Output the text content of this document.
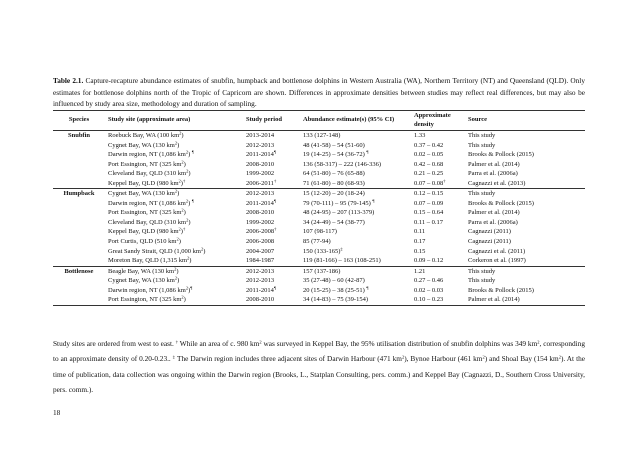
Table 2.1. Capture-recapture abundance estimates of snubfin, humpback and bottlenose dolphins in Western Australia (WA), Northern Territory (NT) and Queensland (QLD). Only estimates for bottlenose dolphins north of the Tropic of Capricorn are shown. Differences in approximate densities between studies may reflect real differences, but may also be influenced by study area size, methodology and duration of sampling.
Species	Study site (approximate area)	Study period	Abundance estimate(s) (95% CI)	Approximate density	Source
Snubfin	Roebuck Bay, WA (100 $km^2$)	2013-2014	133 (127-148)	1.33	This study
	Cygnet Bay, WA (130 $km^2$)	2012-2013	48 (41-58) – 54 (51-60)	0.37 – 0.42	This study
	Darwin region, NT (1,086 $km^2$) ¶	2011-2014¶	19 (14-25) – 54 (36-72) ¶	0.02 – 0.05	Brooks & Pollock (2015)
	Port Essington, NT (325 $km^2$)	2008-2010	136 (58-317) – 222 (146-336)	0.42 – 0.68	Palmer et al. (2014)
	Cleveland Bay, QLD (310 $km^2$)	1999-2002	64 (51-80) – 76 (65-88)	0.21 – 0.25	Parra et al. (2006a)
	Keppel Bay, QLD (980 $km^2)^\dagger$	2006-2011†	71 (61-80) – 80 (68-93)	0.07 – 0.08†	Cagnazzi et al. (2013)
Humpback	Cygnet Bay, WA (130 $km^2$)	2012-2013	15 (12-20) – 20 (18-24)	0.12 – 0.15	This study
	Darwin region, NT (1,086 $km^2$) ¶	2011-2014¶	79 (70-111) – 95 (79-145) ¶	0.07 – 0.09	Brooks & Pollock (2015)
	Port Essington, NT (325 $km^2$)	2008-2010	48 (24-95) – 207 (113-379)	0.15 – 0.64	Palmer et al. (2014)
	Cleveland Bay, QLD (310 $km^2$)	1999-2002	34 (24-49) – 54 (38-77)	0.11 – 0.17	Parra et al. (2006a)
	Keppel Bay, QLD (980 $km^2)^\dagger$	2006-2008†	107 (98-117)	0.11	Cagnazzi (2011)
	Port Curtis, QLD (510 $km^2$)	2006-2008	85 (77-94)	0.17	Cagnazzi (2011)
	Great Sandy Strait, QLD (1,000 $km^2$)	2004-2007	150 (133-165)‡	0.15	Cagnazzi et al. (2011)
	Moreton Bay, QLD (1,315 $km^2$)	1984-1987	119 (81-166) – 163 (108-251)	0.09 – 0.12	Corkeron et al. (1997)
Bottlenose	Beagle Bay, WA (130 $km^2$)	2012-2013	157 (137-186)	1.21	This study
	Cygnet Bay, WA (130 $km^2$)	2012-2013	35 (27-48) – 60 (42-87)	0.27 – 0.46	This study
	Darwin region, NT (1,086 $km^2)^\P$	2011-2014¶	20 (15-25) – 38 (25-51) ¶	0.02 – 0.03	Brooks & Pollock (2015)
	Port Essington, NT (325 $km^2$)	2008-2010	34 (14-83) – 75 (39-154)	0.10 – 0.23	Palmer et al. (2014)
Study sites are ordered from west to east. † While an area of c. 980 $km^2$ was surveyed in Keppel Bay, the 95% utilisation distribution of snubfin dolphins was 349 $km^2$, corresponding to an approximate density of 0.20-0.23.. ‡ The Darwin region includes three adjacent sites of Darwin Harbour (471 $km^2$), Bynoe Harbour (461 $km^2$) and Shoal Bay (154 $km^2$). At the time of publication, data collection was ongoing within the Darwin region (Brooks, L., Statplan Consulting, pers. comm.) and Keppel Bay (Cagnazzi, D., Southern Cross University, pers. comm.).
18
